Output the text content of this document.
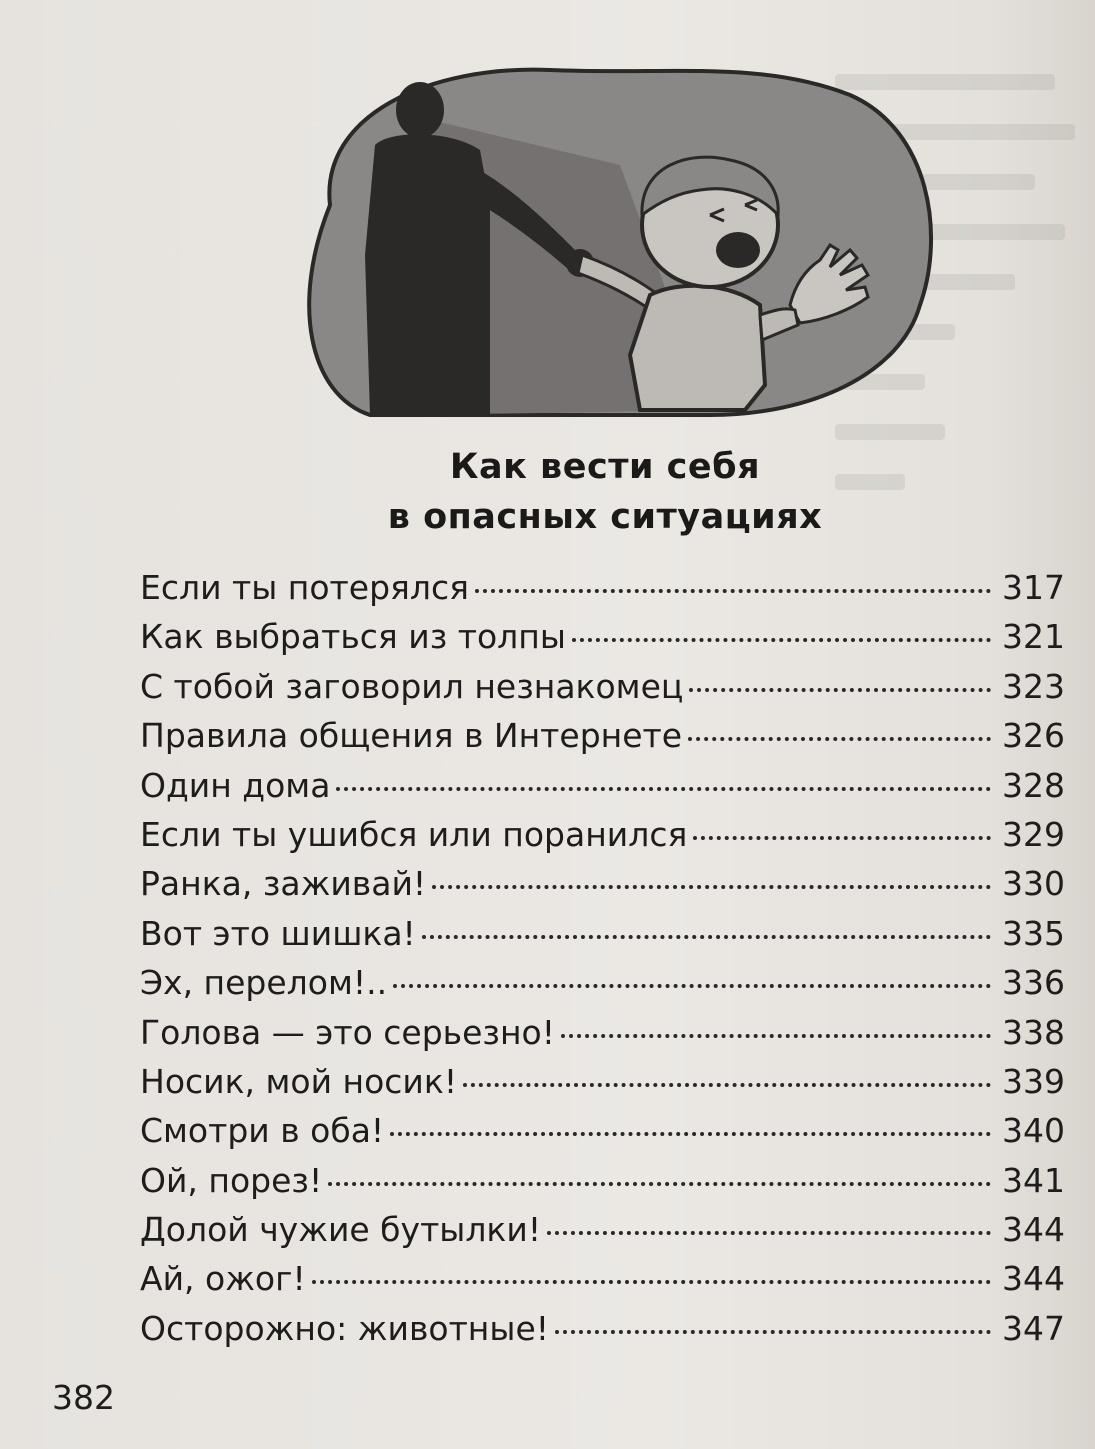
Как вести себя
в опасных ситуациях
Если ты потерялся	317
Как выбраться из толпы	321
С тобой заговорил незнакомец	323
Правила общения в Интернете	326
Один дома	328
Если ты ушибся или поранился	329
Ранка, заживай!	330
Вот это шишка!	335
Эх, перелом!..	336
Голова — это серьезно!	338
Носик, мой носик!	339
Смотри в оба!	340
Ой, порез!	341
Долой чужие бутылки!	344
Ай, ожог!	344
Осторожно: животные!	347
382
